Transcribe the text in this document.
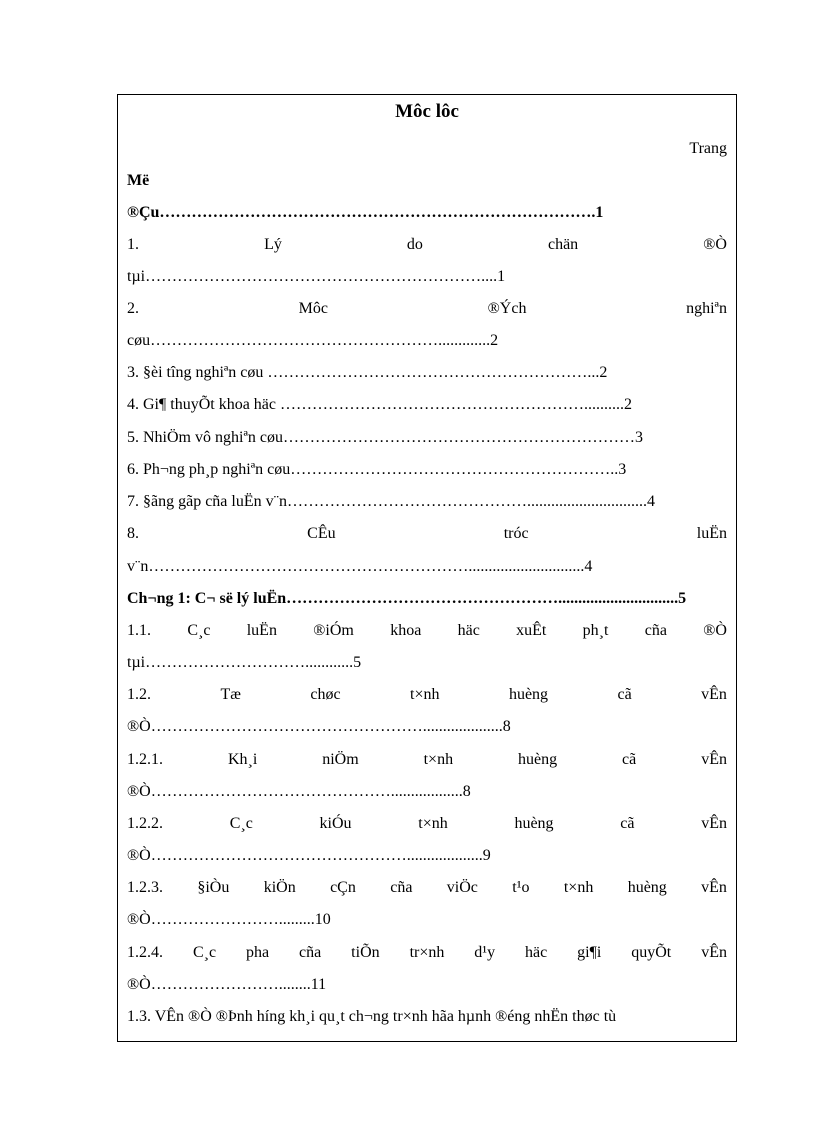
Môc lôc
Trang
Më
®Çu……………………………………………………………………….1
1.	Lý	do	chän	®Ò
tµi………………………………………………………....1
2.	Môc	®Ých	nghiªn
cøu……………………………………………….............2
3. §èi tîng nghiªn cøu ……………………………………………………...2
4. Gi¶ thuyÕt khoa häc …………………………………………………..........2
5. NhiÖm vô nghiªn cøu…………………………………………………………3
6. Ph¬ng ph¸p nghiªn cøu……………………………………………………..3
7. §ãng gãp cña luËn v¨n………………………………………..............................4
8.	CÊu	tróc	luËn
v¨n…………………………………………………….............................4
Ch¬ng 1: C¬ së lý luËn……………………………………………..............................5
1.1. C¸c luËn ®iÓm khoa häc xuÊt ph¸t cña ®Ò
tµi…………………………............5
1.2.	Tæ	chøc	t×nh	huèng	cã	vÊn
®Ò……………………………………………....................8
1.2.1.	Kh¸i	niÖm	t×nh	huèng	cã	vÊn
®Ò………………………………………..................8
1.2.2.	C¸c	kiÓu	t×nh	huèng	cã	vÊn
®Ò…………………………………………...................9
1.2.3. §iÒu kiÖn cÇn cña viÖc t¹o t×nh huèng vÊn
®Ò…………………….........10
1.2.4. C¸c pha cña tiÕn tr×nh d¹y häc gi¶i quyÕt vÊn
®Ò……………………........11
1.3. VÊn ®Ò ®Þnh híng kh¸i qu¸t ch¬ng tr×nh hãa hµnh ®éng nhËn thøc tù
